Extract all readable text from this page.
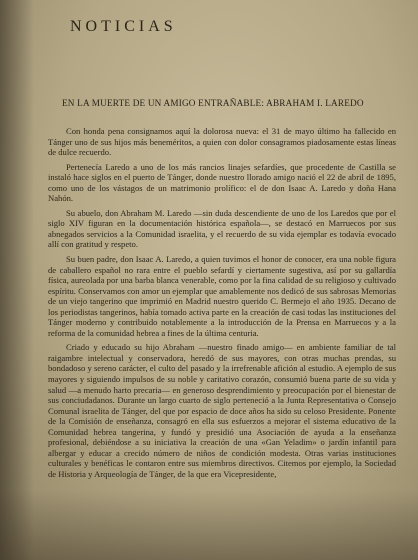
NOTICIAS
EN LA MUERTE DE UN AMIGO ENTRAÑABLE: ABRAHAM I. LAREDO

Con honda pena consignamos aquí la dolorosa nueva: el 31 de mayo último ha fallecido en Tánger uno de sus hijos más beneméritos, a quien con dolor consagramos piadosamente estas líneas de dulce recuerdo.

Pertenecía Laredo a uno de los más rancios linajes sefardíes, que procedente de Castilla se instaló hace siglos en el puerto de Tánger, donde nuestro llorado amigo nació el 22 de abril de 1895, como uno de los vástagos de un matrimonio prolífico: el de don Isaac A. Laredo y doña Hana Nahón.

Su abuelo, don Abraham M. Laredo —sin duda descendiente de uno de los Laredos que por el siglo XIV figuran en la documentación histórica española—, se destacó en Marruecos por sus abnegados servicios a la Comunidad israelita, y el recuerdo de su vida ejemplar es todavía evocado allí con gratitud y respeto.

Su buen padre, don Isaac A. Laredo, a quien tuvimos el honor de conocer, era una noble figura de caballero español no rara entre el pueblo sefardí y ciertamente sugestiva, así por su gallardía física, aureolada por una barba blanca venerable, como por la fina calidad de su religioso y cultivado espíritu. Conservamos con amor un ejemplar que amablemente nos dedicó de sus sabrosas Memorias de un viejo tangerino que imprimió en Madrid nuestro querido C. Bermejo el año 1935. Decano de los periodistas tangerinos, había tomado activa parte en la creación de casi todas las instituciones del Tánger moderno y contribuido notablemente a la introducción de la Prensa en Marruecos y a la reforma de la comunidad hebrea a fines de la última centuria.

Criado y educado su hijo Abraham —nuestro finado amigo— en ambiente familiar de tal raigambre intelectual y conservadora, heredó de sus mayores, con otras muchas prendas, su bondadoso y sereno carácter, el culto del pasado y la irrefrenable afición al estudio. A ejemplo de sus mayores y siguiendo impulsos de su noble y caritativo corazón, consumió buena parte de su vida y salud —a menudo harto precaria— en generoso desprendimiento y preocupación por el bienestar de sus conciudadanos. Durante un largo cuarto de siglo perteneció a la Junta Representativa o Consejo Comunal israelita de Tánger, del que por espacio de doce años ha sido su celoso Presidente. Ponente de la Comisión de enseñanza, consagró en ella sus esfuerzos a mejorar el sistema educativo de la Comunidad hebrea tangerina, y fundó y presidió una Asociación de ayuda a la enseñanza profesional, debiéndose a su iniciativa la creación de una «Gan Yeladim» o jardín infantil para albergar y educar a crecido número de niños de condición modesta. Otras varias instituciones culturales y benéficas le contaron entre sus miembros directivos. Citemos por ejemplo, la Sociedad de Historia y Arqueología de Tánger, de la que era Vicepresidente,
